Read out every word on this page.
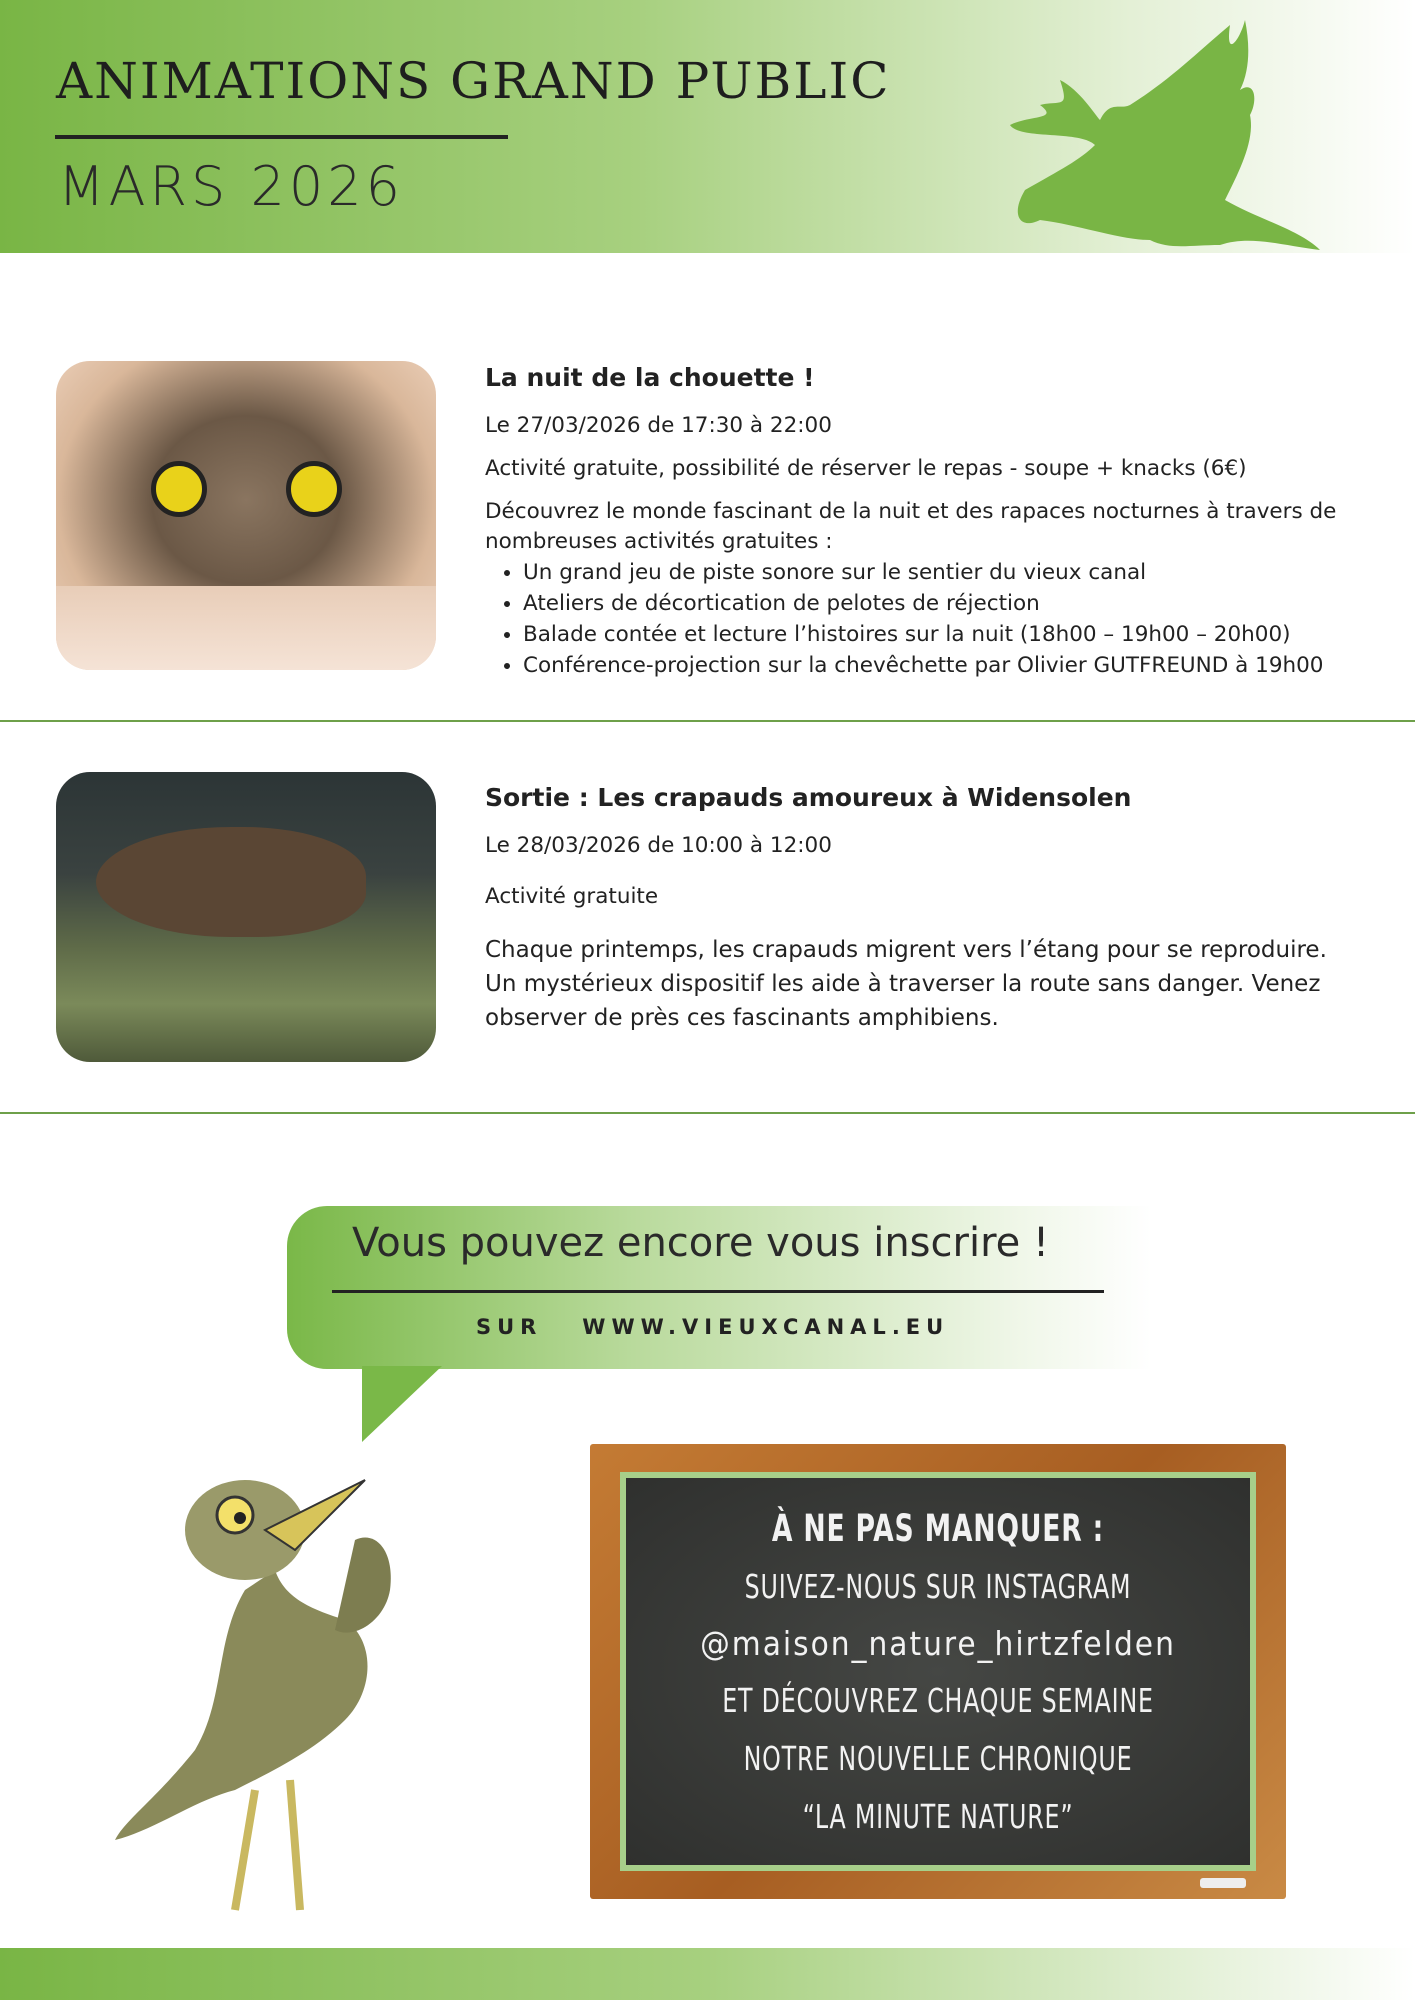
ANIMATIONS GRAND PUBLIC
MARS 2026
La nuit de la chouette !

Le 27/03/2026 de 17:30 à 22:00

Activité gratuite, possibilité de réserver le repas - soupe + knacks (6€)

Découvrez le monde fascinant de la nuit et des rapaces nocturnes à travers de nombreuses activités gratuites :

• Un grand jeu de piste sonore sur le sentier du vieux canal
• Ateliers de décortication de pelotes de réjection
• Balade contée et lecture l’histoires sur la nuit (18h00 – 19h00 – 20h00)
• Conférence-projection sur la chevêchette par Olivier GUTFREUND à 19h00
Sortie : Les crapauds amoureux à Widensolen

Le 28/03/2026 de 10:00 à 12:00

Activité gratuite

Chaque printemps, les crapauds migrent vers l’étang pour se reproduire. Un mystérieux dispositif les aide à traverser la route sans danger. Venez observer de près ces fascinants amphibiens.

Vous pouvez encore vous inscrire !
SUR   WWW.VIEUXCANAL.EU
À NE PAS MANQUER :
SUIVEZ-NOUS SUR INSTAGRAM
@maison_nature_hirtzfelden
ET DÉCOUVREZ CHAQUE SEMAINE
NOTRE NOUVELLE CHRONIQUE
“LA MINUTE NATURE”
